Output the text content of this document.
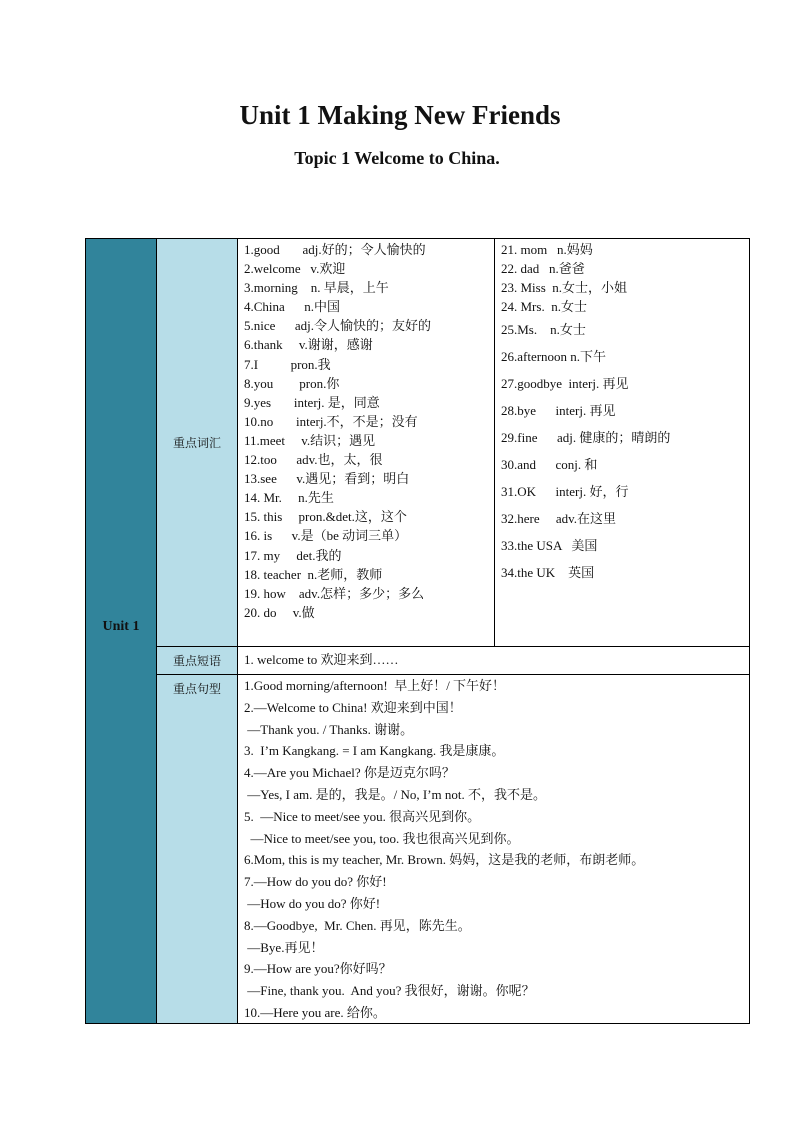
Unit 1 Making New Friends
Topic 1 Welcome to China.
Unit 1
重点词汇
重点短语
重点句型
1.good       adj.好的；令人愉快的
2.welcome   v.欢迎
3.morning    n. 早晨，上午
4.China      n.中国
5.nice      adj.令人愉快的；友好的
6.thank     v.谢谢，感谢
7.I          pron.我
8.you        pron.你
9.yes       interj. 是，同意
10.no       interj.不，不是；没有
11.meet     v.结识；遇见
12.too      adv.也，太，很
13.see      v.遇见；看到；明白
14. Mr.     n.先生
15. this     pron.&det.这，这个
16. is      v.是（be 动词三单）
17. my     det.我的
18. teacher  n.老师，教师
19. how    adv.怎样；多少；多么
20. do     v.做
21. mom   n.妈妈
22. dad   n.爸爸
23. Miss  n.女士，小姐
24. Mrs.  n.女士
25.Ms.    n.女士
26.afternoon n.下午
27.goodbye  interj. 再见
28.bye      interj. 再见
29.fine      adj. 健康的；晴朗的
30.and      conj. 和
31.OK      interj. 好，行
32.here     adv.在这里
33.the USA   美国
34.the UK    英国
1. welcome to 欢迎来到……
1.Good morning/afternoon!  早上好！/ 下午好！
2.—Welcome to China! 欢迎来到中国！
—Thank you. / Thanks. 谢谢。
3.  I’m Kangkang. = I am Kangkang. 我是康康。
4.—Are you Michael? 你是迈克尔吗？
—Yes, I am. 是的，我是。/ No, I’m not. 不，我不是。
5.  —Nice to meet/see you. 很高兴见到你。
—Nice to meet/see you, too. 我也很高兴见到你。
6.Mom, this is my teacher, Mr. Brown. 妈妈，这是我的老师，布朗老师。
7.—How do you do? 你好!
—How do you do? 你好!
8.—Goodbye,  Mr. Chen. 再见，陈先生。
—Bye.再见！
9.—How are you?你好吗？
—Fine, thank you.  And you? 我很好，谢谢。你呢？
10.—Here you are. 给你。
